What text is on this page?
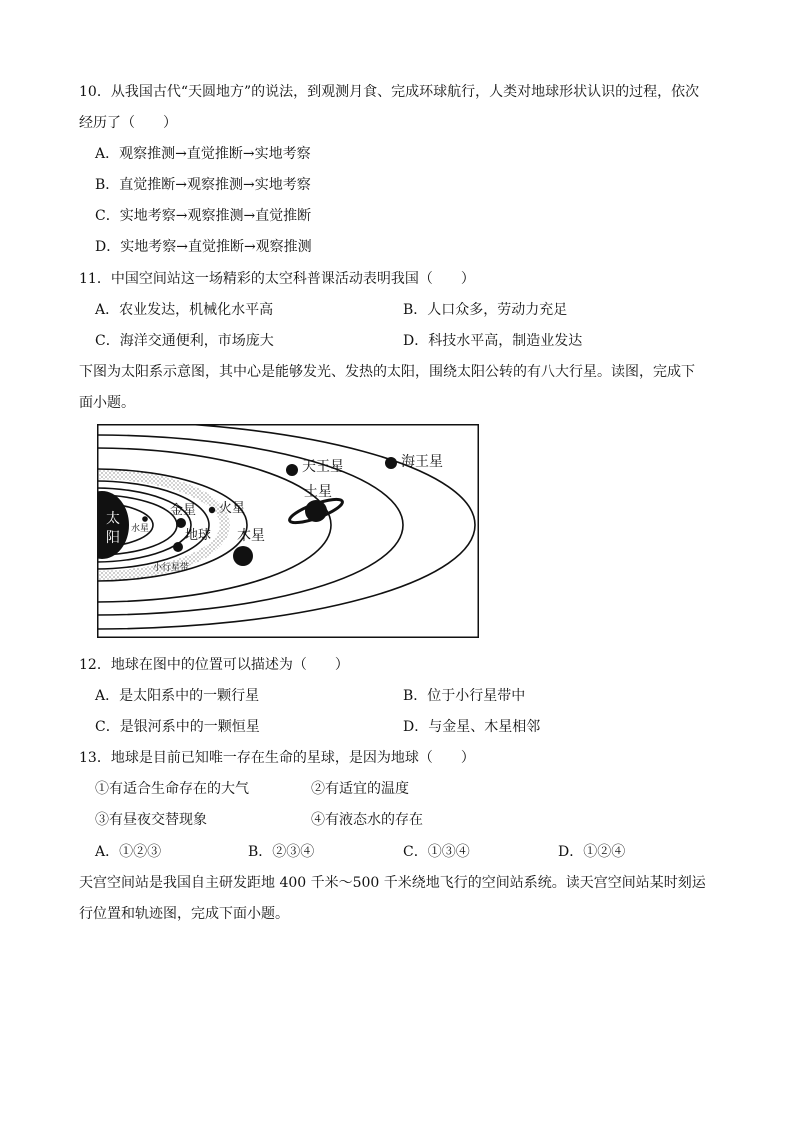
10．从我国古代“天圆地方”的说法，到观测月食、完成环球航行，人类对地球形状认识的过程，依次
经历了（　　）
A．观察推测→直觉推断→实地考察
B．直觉推断→观察推测→实地考察
C．实地考察→观察推测→直觉推断
D．实地考察→直觉推断→观察推测
11．中国空间站这一场精彩的太空科普课活动表明我国（　　）
A．农业发达，机械化水平高	B．人口众多，劳动力充足
C．海洋交通便利，市场庞大	D．科技水平高，制造业发达
下图为太阳系示意图，其中心是能够发光、发热的太阳，围绕太阳公转的有八大行星。读图，完成下
面小题。
太
阳
水星
金星 火星
地球 木星
土星
天王星	海王星
小行星带
12．地球在图中的位置可以描述为（　　）
A．是太阳系中的一颗行星	B．位于小行星带中
C．是银河系中的一颗恒星	D．与金星、木星相邻
13．地球是目前已知唯一存在生命的星球，是因为地球（　　）
①有适合生命存在的大气	②有适宜的温度
③有昼夜交替现象	④有液态水的存在
A．①②③	B．②③④	C．①③④	D．①②④
天宫空间站是我国自主研发距地 400 千米～500 千米绕地飞行的空间站系统。读天宫空间站某时刻运
行位置和轨迹图，完成下面小题。
